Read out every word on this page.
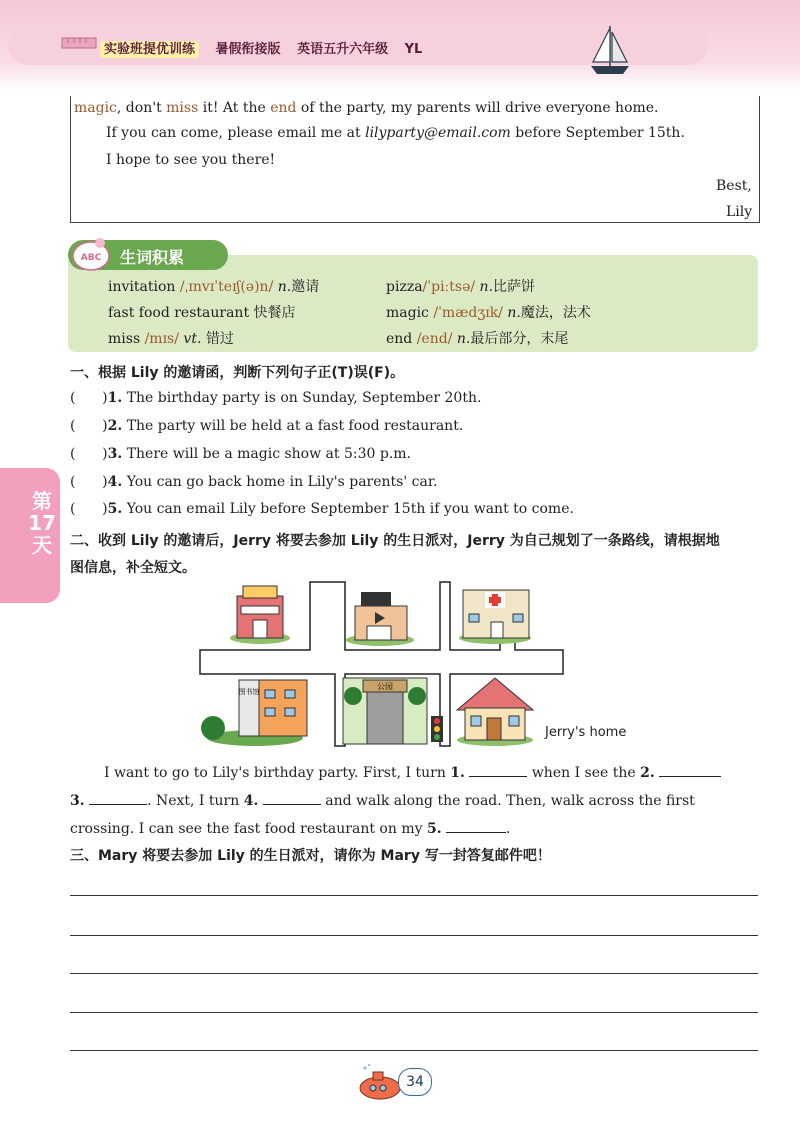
实验班提优训练 暑假衔接版 英语五升六年级 YL
magic, don't miss it! At the end of the party, my parents will drive everyone home.
If you can come, please email me at lilyparty@email.com before September 15th.
I hope to see you there!
Best,
Lily
ABC 生词积累
invitation /ˌɪnvɪˈteɪʃ(ə)n/ n.邀请	pizza/ˈpiːtsə/ n.比萨饼
fast food restaurant 快餐店	magic /ˈmædʒɪk/ n.魔法，法术
miss /mɪs/ vt. 错过	end /end/ n.最后部分，末尾
一、根据 Lily 的邀请函，判断下列句子正(T)误(F)。
(      )1. The birthday party is on Sunday, September 20th.
(      )2. The party will be held at a fast food restaurant.
(      )3. There will be a magic show at 5:30 p.m.
(      )4. You can go back home in Lily's parents' car.
(      )5. You can email Lily before September 15th if you want to come.
第
17
天	二、收到 Lily 的邀请后，Jerry 将要去参加 Lily 的生日派对，Jerry 为自己规划了一条路线，请根据地
图信息，补全短文。
图书馆
公园
Jerry's home
I want to go to Lily's birthday party. First, I turn 1.	when I see the 2.
3.	. Next, I turn 4.	and walk along the road. Then, walk across the first
crossing. I can see the fast food restaurant on my 5.	.
三、Mary 将要去参加 Lily 的生日派对，请你为 Mary 写一封答复邮件吧！
34
